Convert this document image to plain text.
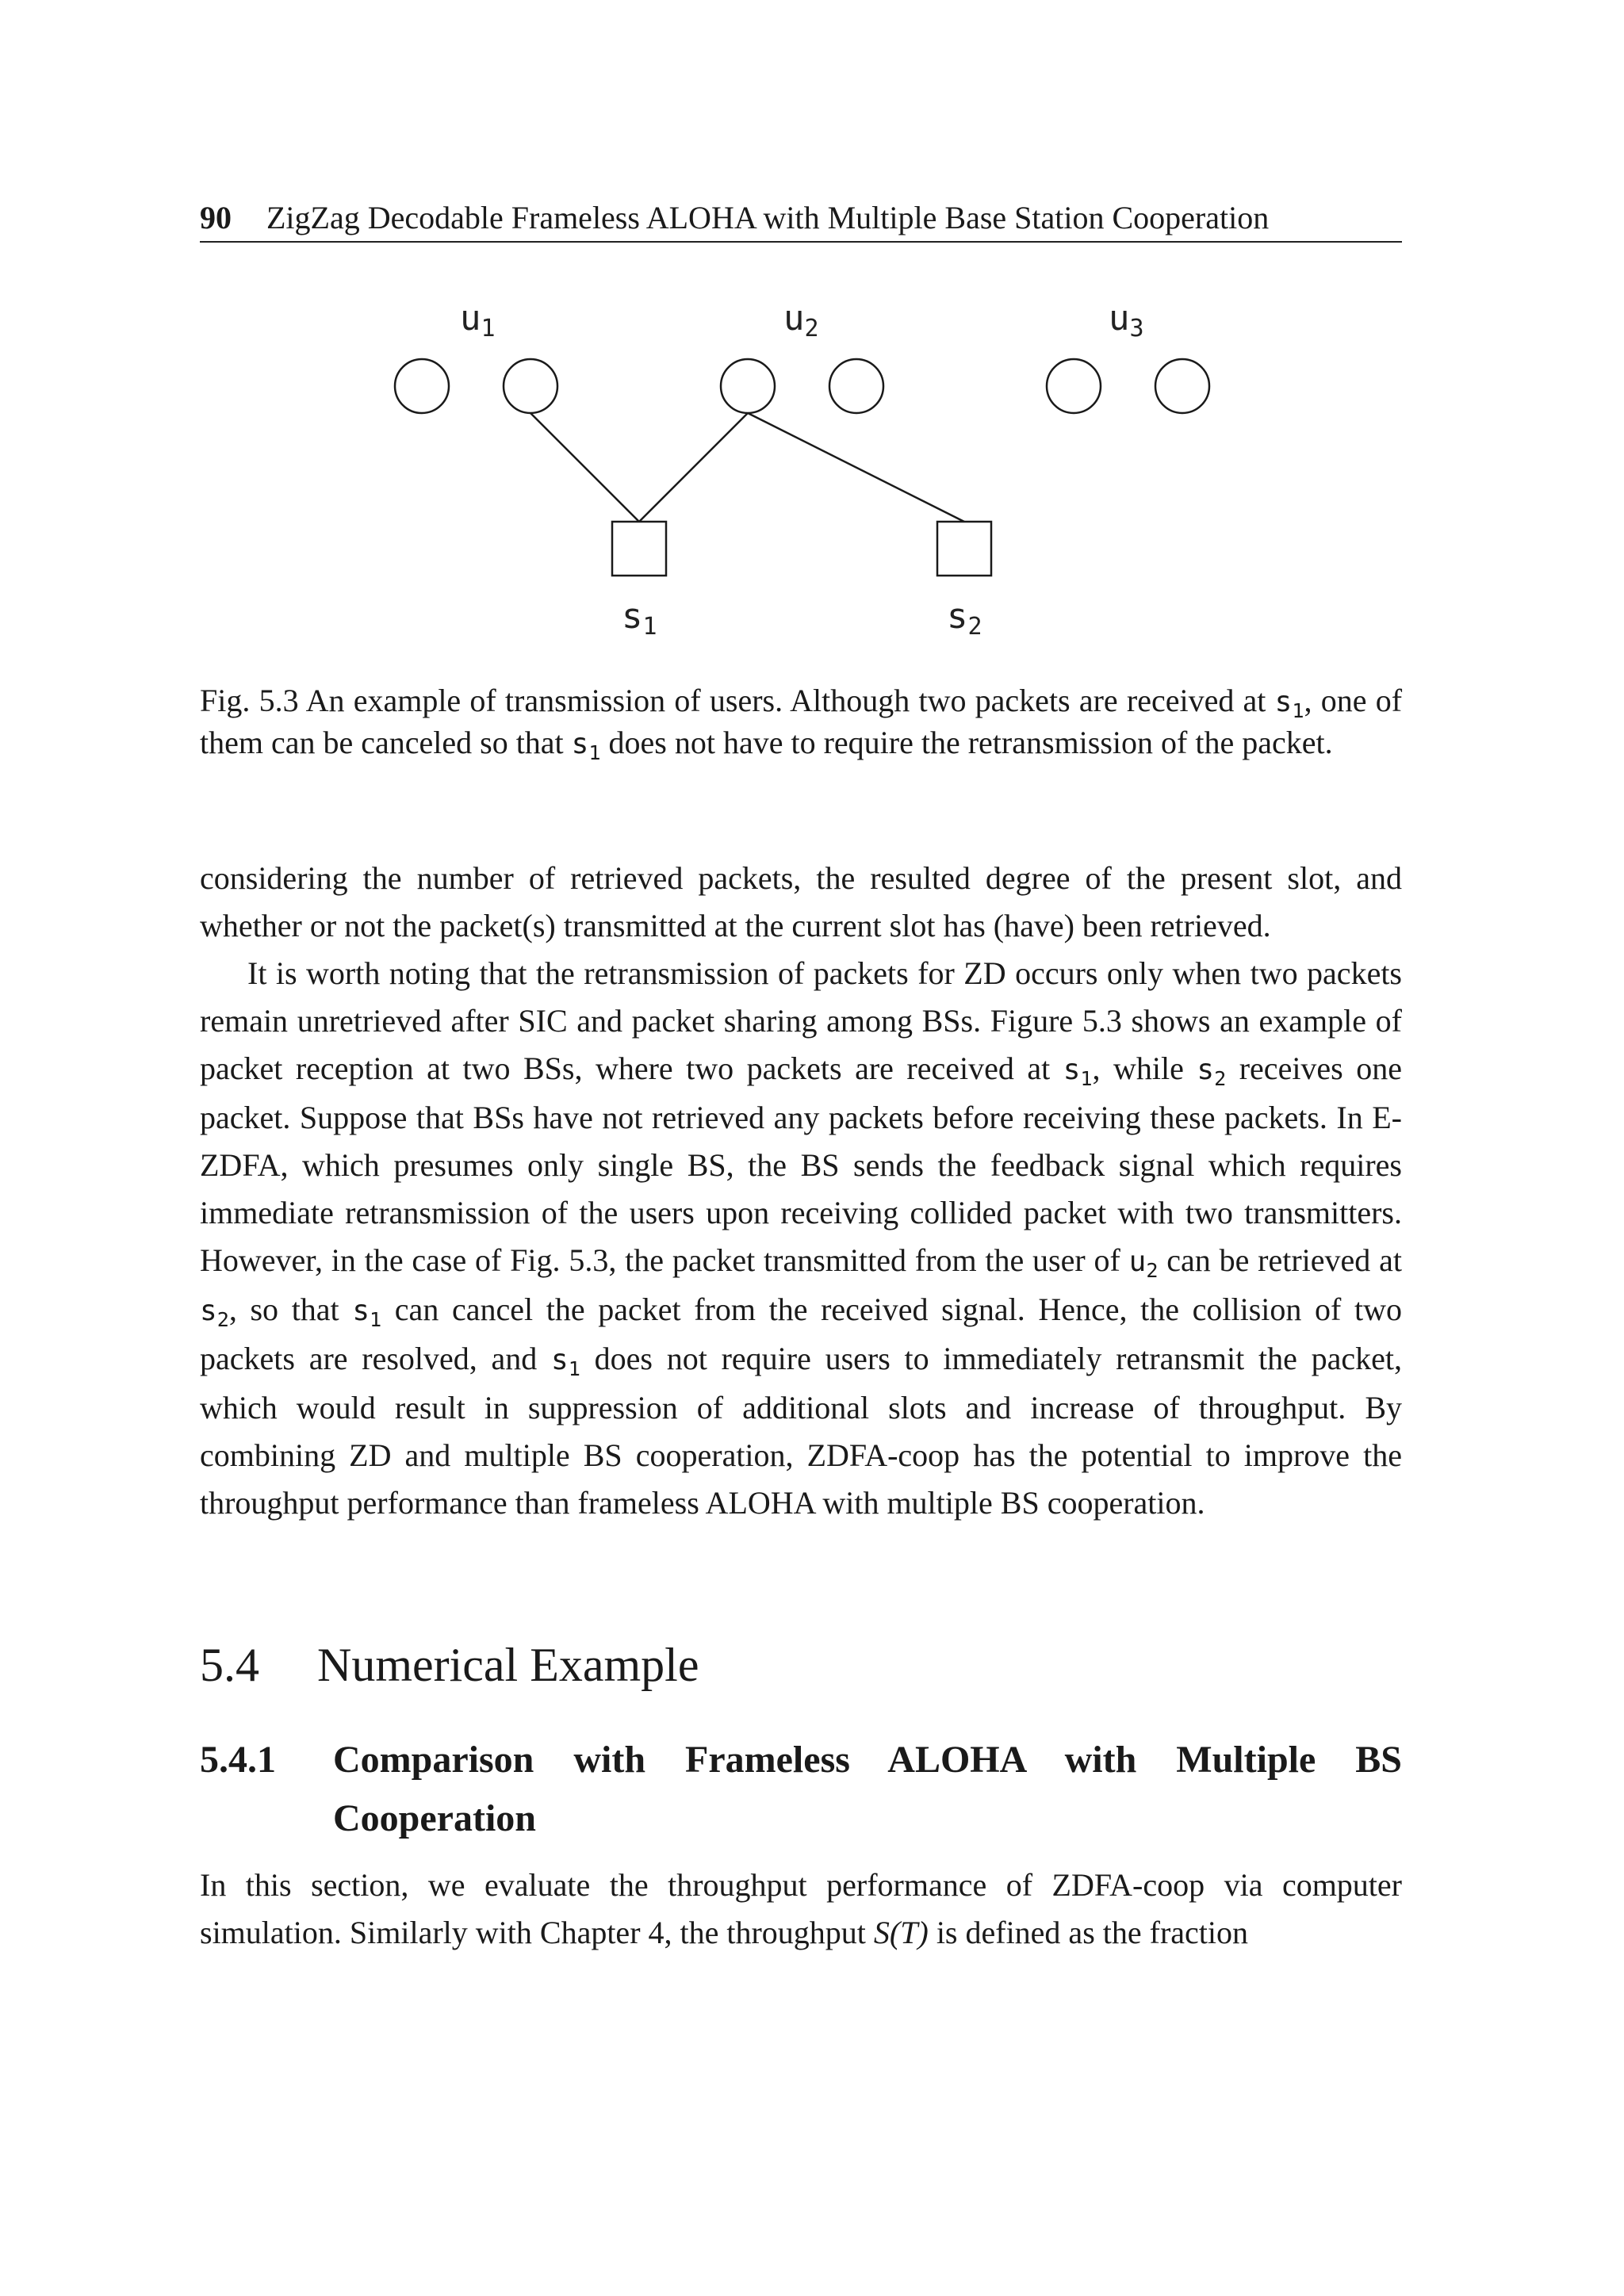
90 ZigZag Decodable Frameless ALOHA with Multiple Base Station Cooperation
u1	u2	u3
s1	s2
Fig. 5.3 An example of transmission of users. Although two packets are received at $s_1$, one of them can be canceled so that $s_1$ does not have to require the retransmission of the packet.

considering the number of retrieved packets, the resulted degree of the present slot, and whether or not the packet(s) transmitted at the current slot has (have) been retrieved.

It is worth noting that the retransmission of packets for ZD occurs only when two packets remain unretrieved after SIC and packet sharing among BSs. Figure 5.3 shows an example of packet reception at two BSs, where two packets are received at $s_1$, while $s_2$ receives one packet. Suppose that BSs have not retrieved any packets before receiving these packets. In E-ZDFA, which presumes only single BS, the BS sends the feedback signal which requires immediate retransmission of the users upon receiving collided packet with two transmitters. However, in the case of Fig. 5.3, the packet transmitted from the user of $u_2$ can be retrieved at $s_2$, so that $s_1$ can cancel the packet from the received signal. Hence, the collision of two packets are resolved, and $s_1$ does not require users to immediately retransmit the packet, which would result in suppression of additional slots and increase of throughput. By combining ZD and multiple BS cooperation, ZDFA-coop has the potential to improve the throughput performance than frameless ALOHA with multiple BS cooperation.

5.4 Numerical Example
5.4.1	Comparison with Frameless ALOHA with Multiple BS Cooperation

In this section, we evaluate the throughput performance of ZDFA-coop via computer simulation. Similarly with Chapter 4, the throughput S(T) is defined as the fraction
